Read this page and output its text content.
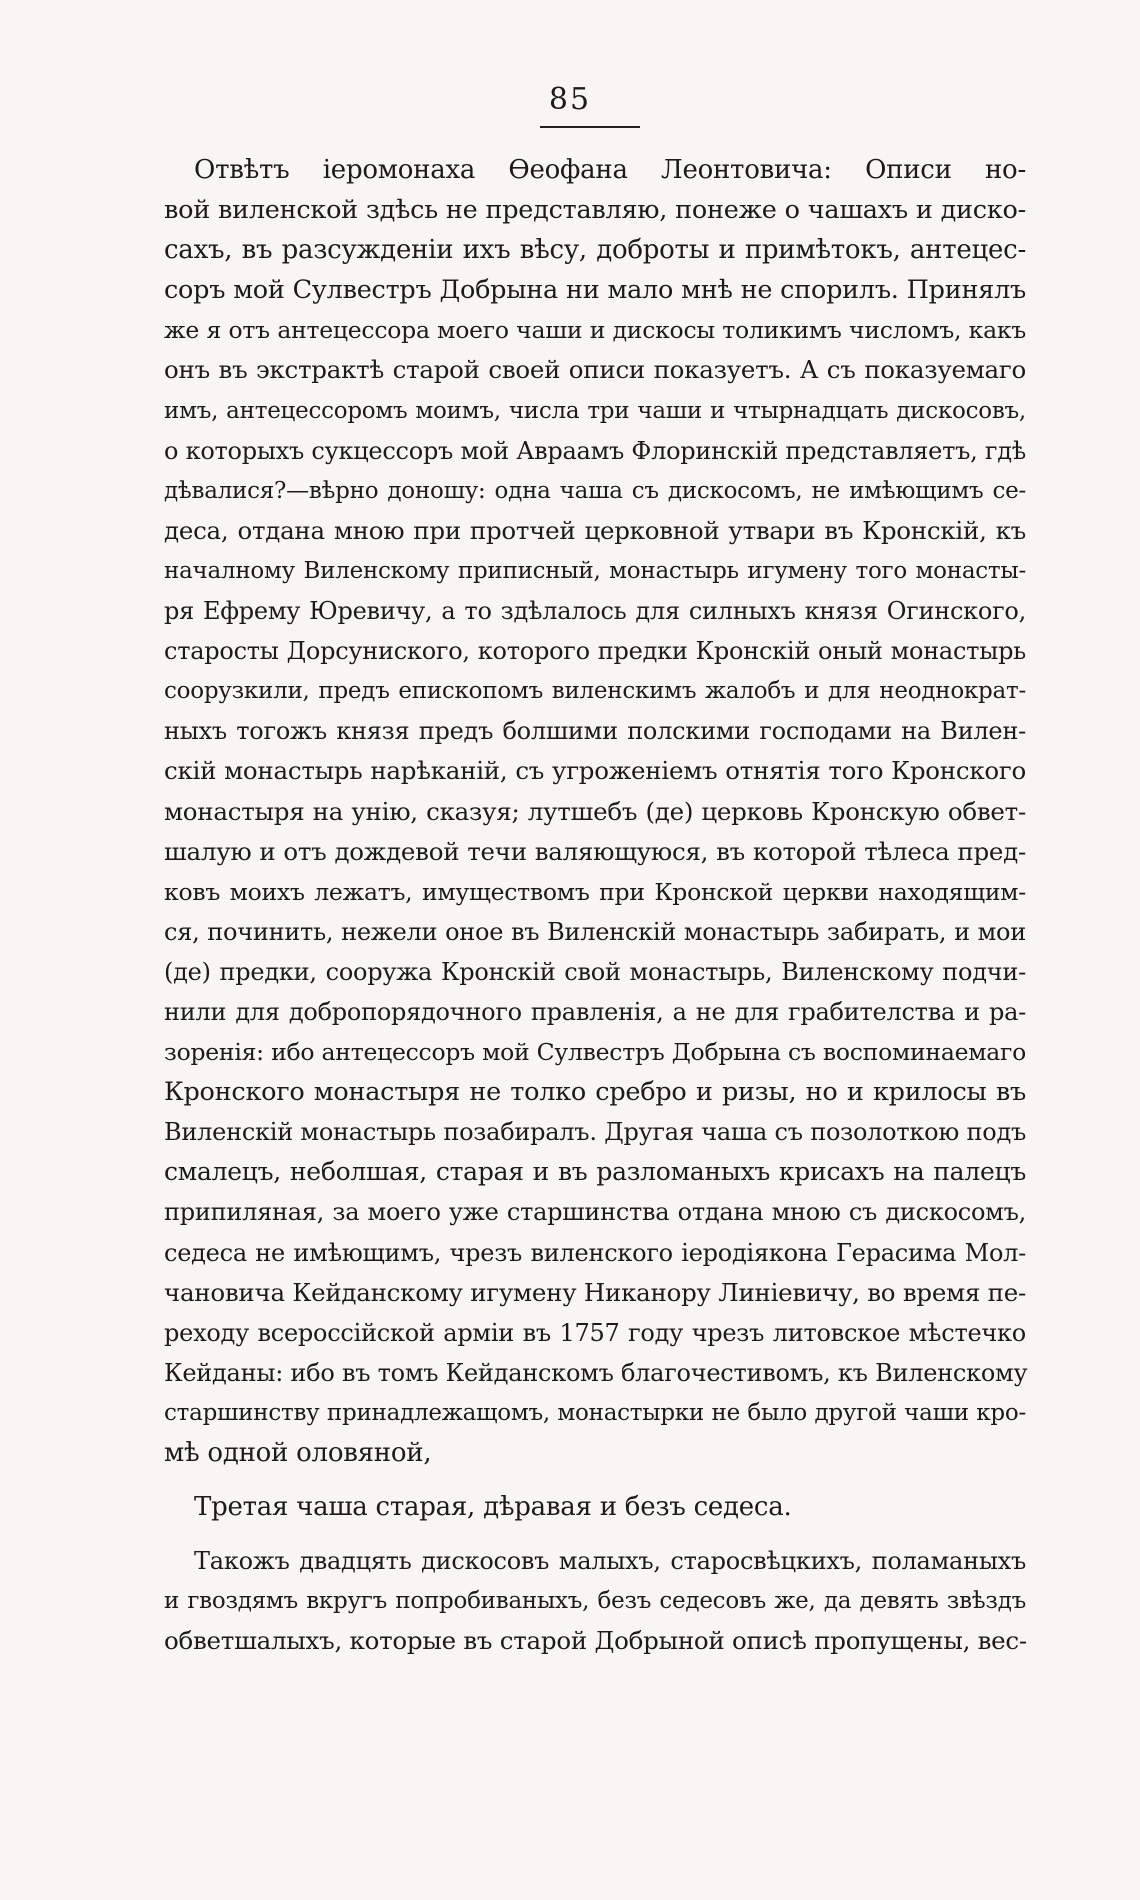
85
Отвѣтъ іеромонаха Өеофана Леонтовича: Описи но-
вой виленской здѣсь не представляю, понеже о чашахъ и диско-
сахъ, въ разсужденіи ихъ вѣсу, доброты и примѣтокъ, антецес-
соръ мой Сулвестръ Добрына ни мало мнѣ не спорилъ. Принялъ
же я отъ антецессора моего чаши и дискосы толикимъ числомъ, какъ
онъ въ экстрактѣ старой своей описи показуетъ. А съ показуемаго
имъ, антецессоромъ моимъ, числа три чаши и чтырнадцать дискосовъ,
о которыхъ сукцессоръ мой Авраамъ Флоринскій представляетъ, гдѣ
дѣвалися?—вѣрно доношу: одна чаша съ дискосомъ, не имѣющимъ се-
деса, отдана мною при протчей церковной утвари въ Кронскій, къ
началному Виленскому приписный, монастырь игумену того монасты-
ря Ефрему Юревичу, а то здѣлалось для силныхъ князя Огинского,
старосты Дорсунискoго, которого предки Кронскій оный монастырь
соорузкили, предъ епископомъ виленскимъ жалобъ и для неоднократ-
ныхъ тогожъ князя предъ болшими полскими господами на Вилен-
скій монастырь нарѣканій, съ угроженіемъ отнятія того Кронского
монастыря на унію, сказуя; лутшебъ (де) церковь Кронскую обвет-
шалую и отъ дождевой течи валяющуюся, въ которой тѣлеса пред-
ковъ моихъ лежатъ, имуществомъ при Кронской церкви находящим-
ся, починить, нежели оное въ Виленскій монастырь забирать, и мои
(де) предки, сооружа Кронскій свой монастырь, Виленскому подчи-
нили для добропорядочного правленія, а не для грабителства и ра-
зоренія: ибо антецессоръ мой Сулвестръ Добрына съ воспоминаемаго
Кронского монастыря не толко сребро и ризы, но и крилосы въ
Виленскій монастырь позабиралъ. Другая чаша съ позолоткою подъ
смалецъ, неболшая, старая и въ разломаныхъ крисахъ на палецъ
припиляная, за моего уже старшинства отдана мною съ дискосомъ,
седеса не имѣющимъ, чрезъ виленского іеродіякона Герасима Мол-
чановича Кейданскому игумену Никанору Линіевичу, во время пе-
реходу всероссійской арміи въ 1757 году чрезъ литовское мѣстечко
Кейданы: ибо въ томъ Кейданскомъ благочестивомъ, къ Виленскому
старшинству принадлежащомъ, монастырки не было другой чаши кро-
мѣ одной оловяной,
Третая чаша старая, дѣравая и безъ седеса.
Такожъ двадцять дискосовъ малыхъ, старосвѣцкихъ, поламаныхъ
и гвоздямъ вкругъ попробиваныхъ, безъ седесовъ же, да девять звѣздъ
обветшалыхъ, которые въ старой Добрыной описѣ пропущены, вес-
